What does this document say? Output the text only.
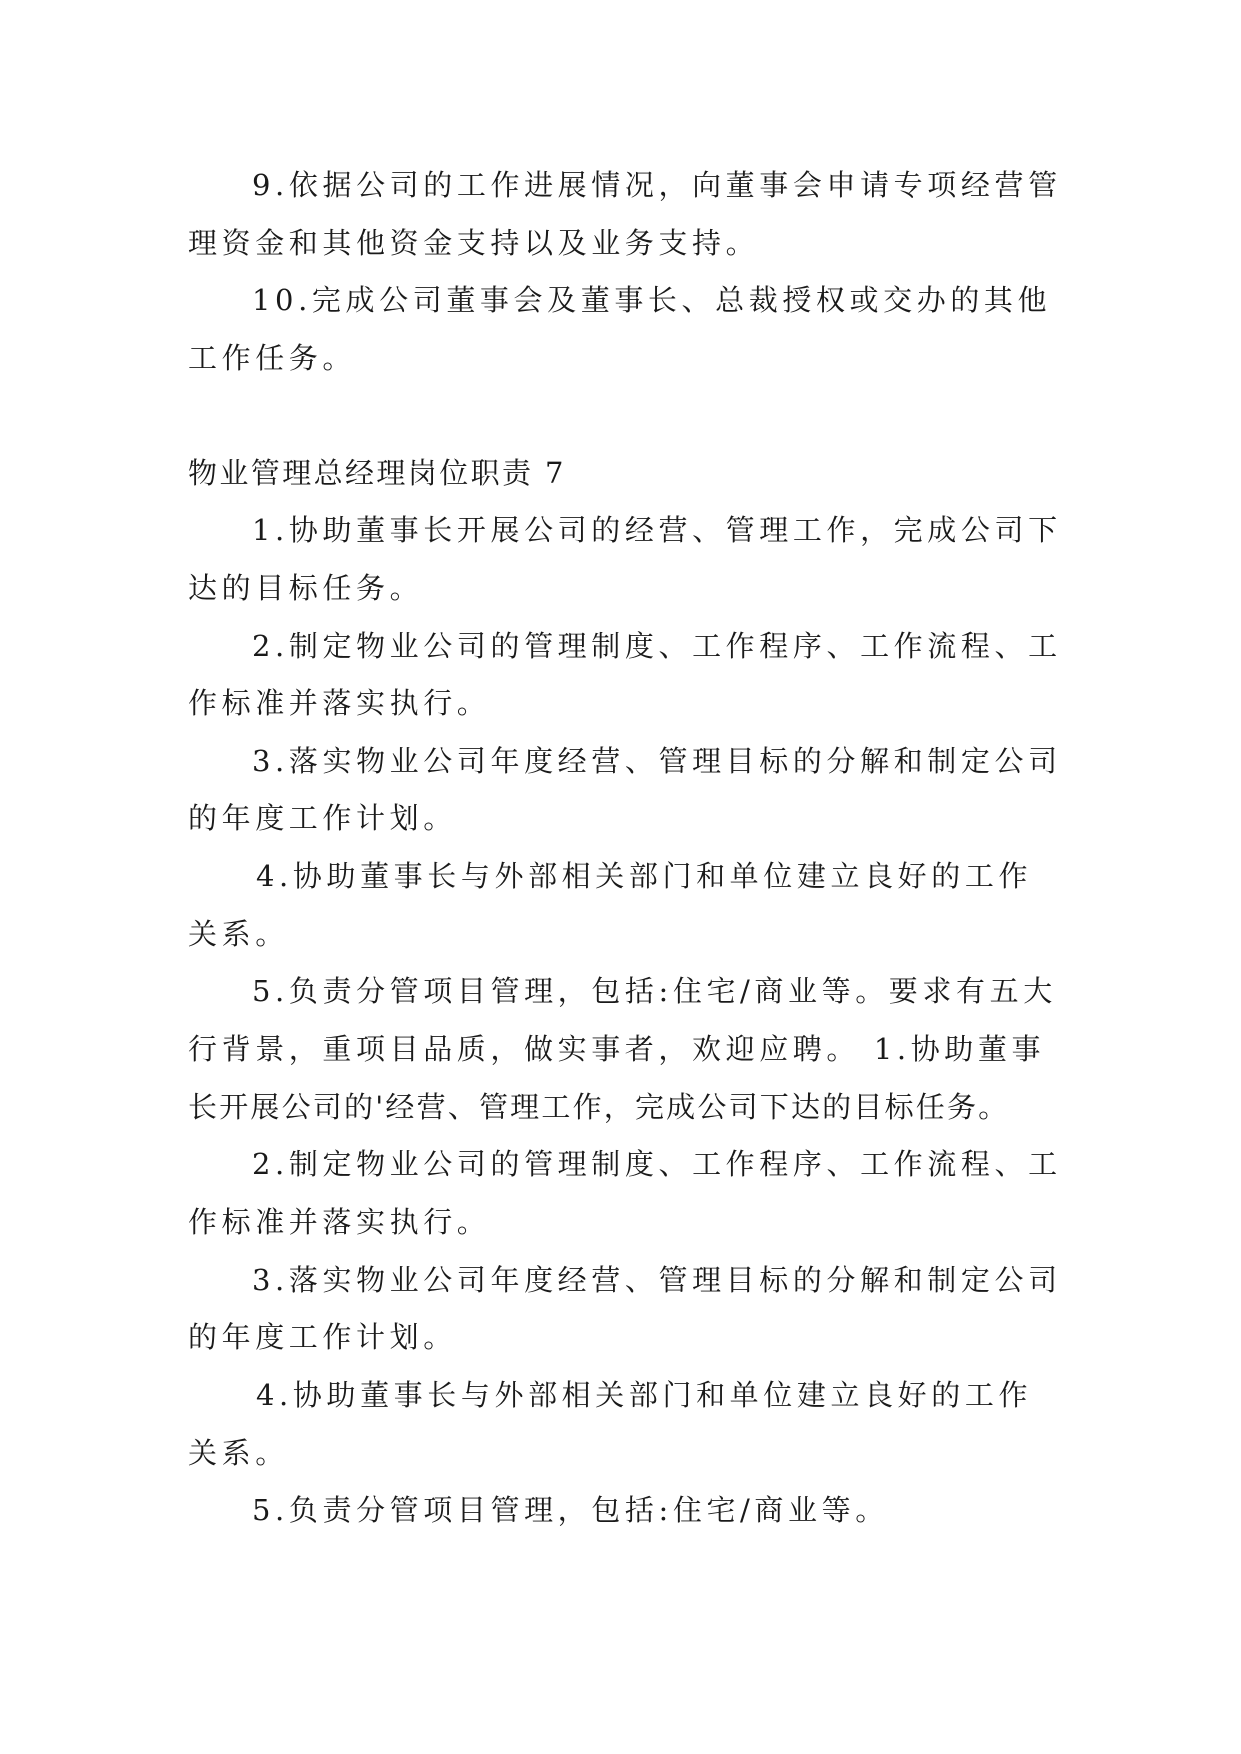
9.依据公司的工作进展情况，向董事会申请专项经营管
理资金和其他资金支持以及业务支持。
10.完成公司董事会及董事长、总裁授权或交办的其他
工作任务。
物业管理总经理岗位职责 7
1.协助董事长开展公司的经营、管理工作，完成公司下
达的目标任务。
2.制定物业公司的管理制度、工作程序、工作流程、工
作标准并落实执行。
3.落实物业公司年度经营、管理目标的分解和制定公司
的年度工作计划。
4.协助董事长与外部相关部门和单位建立良好的工作
关系。
5.负责分管项目管理，包括:住宅/商业等。要求有五大
行背景，重项目品质，做实事者，欢迎应聘。 1.协助董事
长开展公司的'经营、管理工作，完成公司下达的目标任务。
2.制定物业公司的管理制度、工作程序、工作流程、工
作标准并落实执行。
3.落实物业公司年度经营、管理目标的分解和制定公司
的年度工作计划。
4.协助董事长与外部相关部门和单位建立良好的工作
关系。
5.负责分管项目管理，包括:住宅/商业等。
